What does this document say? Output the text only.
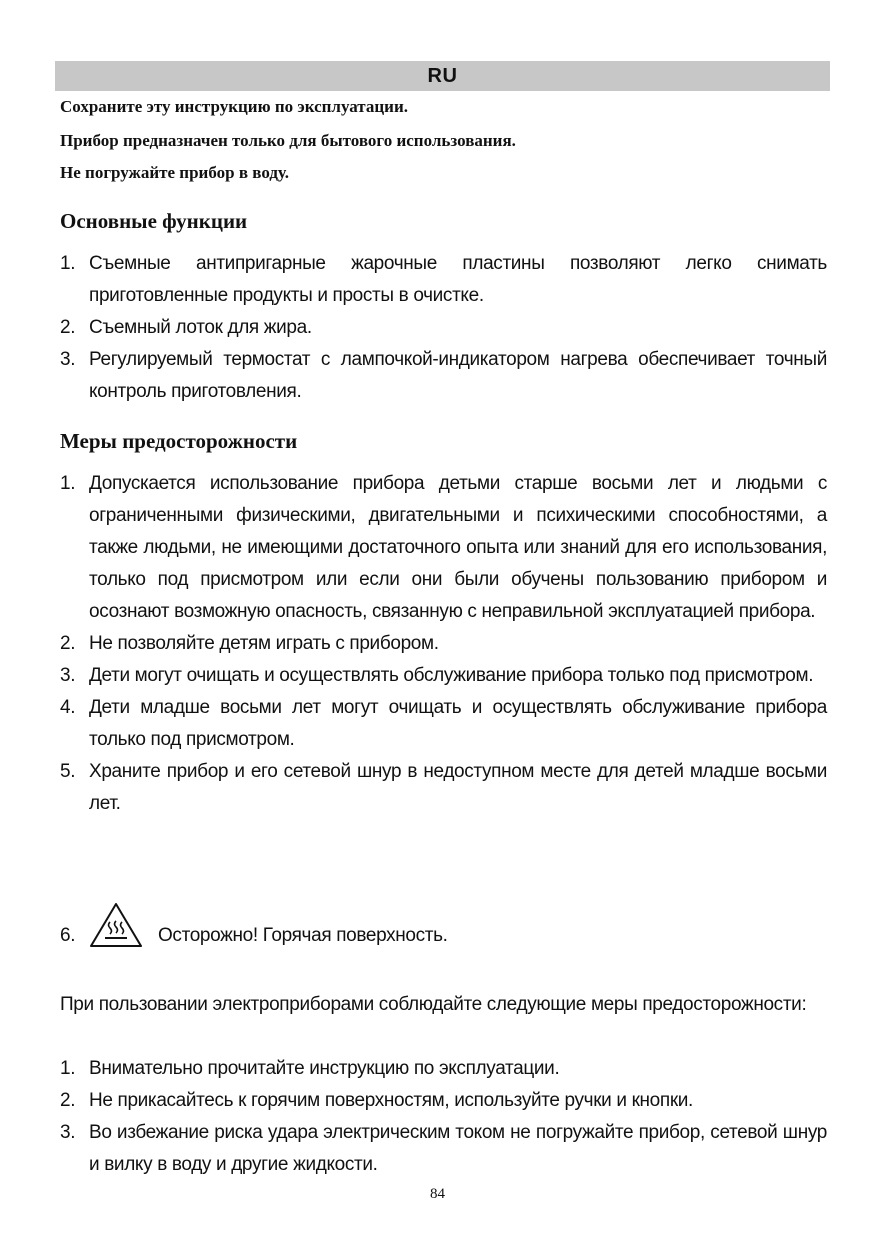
RU
Сохраните эту инструкцию по эксплуатации.
Прибор предназначен только для бытового использования.
Не погружайте прибор в воду.
Основные функции
1. Съемные антипригарные жарочные пластины позволяют легко снимать приготовленные продукты и просты в очистке.
2. Съемный лоток для жира.
3. Регулируемый термостат с лампочкой-индикатором нагрева обеспечивает точный контроль приготовления.
Меры предосторожности
1. Допускается использование прибора детьми старше восьми лет и людьми с ограниченными физическими, двигательными и психическими способностями, а также людьми, не имеющими достаточного опыта или знаний для его использования, только под присмотром или если они были обучены пользованию прибором и осознают возможную опасность, связанную с неправильной эксплуатацией прибора.
2. Не позволяйте детям играть с прибором.
3. Дети могут очищать и осуществлять обслуживание прибора только под присмотром.
4. Дети младше восьми лет могут очищать и осуществлять обслуживание прибора только под присмотром.
5. Храните прибор и его сетевой шнур в недоступном месте для детей младше восьми лет.
6.	Осторожно! Горячая поверхность.

При пользовании электроприборами соблюдайте следующие меры предосторожности:

1. Внимательно прочитайте инструкцию по эксплуатации.
2. Не прикасайтесь к горячим поверхностям, используйте ручки и кнопки.
3. Во избежание риска удара электрическим током не погружайте прибор, сетевой шнур и вилку в воду и другие жидкости.
84
